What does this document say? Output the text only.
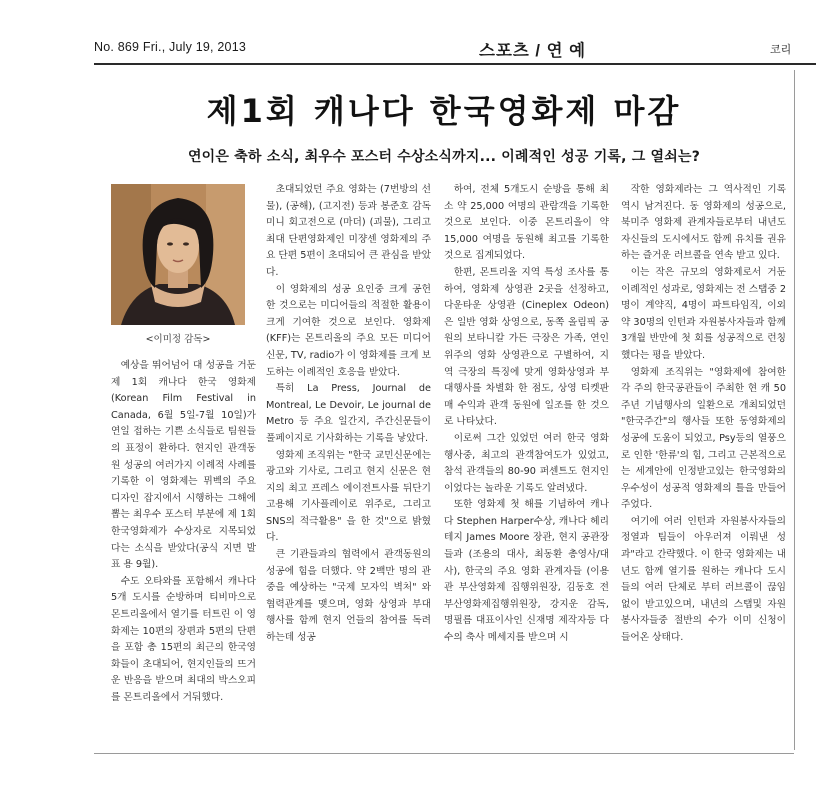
No. 869 Fri., July 19, 2013	스포츠 / 연 예	코리
제1회 캐나다 한국영화제 마감
연이은 축하 소식, 최우수 포스터 수상소식까지... 이례적인 성공 기록, 그 열쇠는?
<이미정 감독>

예상을 뛰어넘어 대 성공을 거둔 제 1회 캐나다 한국 영화제 (Korean Film Festival in Canada, 6월 5일-7월 10일)가 연일 접하는 기쁜 소식들로 팀원들의 표정이 환하다. 현지인 관객동원 성공의 여러가지 이례적 사례를 기록한 이 영화제는 뮈벡의 주요 디자인 잡지에서 시행하는 그해에 뽑는 최우수 포스터 부분에 제 1회 한국영화제가 수상자로 지목되었다는 소식을 받았다(공식 지면 발표 용 9월).

수도 오타와를 포함해서 캐나다 5개 도시를 순방하며 티비마으로 몬트리올에서 열기를 터트린 이 영화제는 10편의 장편과 5편의 단편을 포함 총 15편의 최근의 한국영화들이 초대되어, 현지인들의 뜨거운 반응을 받으며 최대의 박스오피를 몬트리올에서 거둬했다.

초대되었던 주요 영화는 (7번방의 선물), (공해), (고지전) 등과 봉준호 감독 미니 회고전으로 (마더) (괴물), 그리고 최대 단편영화제인 미쟝센 영화제의 주요 단편 5편이 초대되어 큰 관심을 받았다.

이 영화제의 성공 요인중 크게 공헌한 것으로는 미디어들의 적절한 활용이 크게 기여한 것으로 보인다. 영화제 (KFF)는 몬트리올의 주요 모든 미디어 신문, TV, radio가 이 영화제를 크게 보도하는 이례적인 호응을 받았다.

특히 La Press, Journal de Montreal, Le Devoir, Le journal de Metro 등 주요 일간지, 주간신문들이 풀페이지로 기사화하는 기록을 낳았다.

영화제 조직위는 "한국 교민신문에는 광고와 기사로, 그리고 현지 신문은 현지의 최고 프레스 에이전트사를 뒤단기 고용해 기사플레이로 위주로, 그리고 SNS의 적극활용" 을 한 것"으로 밝혔다.

큰 기관들과의 협력에서 관객동원의 성공에 힘을 더했다. 약 2백만 명의 관중을 예상하는 "국제 모자익 벽처" 와 협력관계를 맺으며, 영화 상영과 부대행사를 함께 현지 언들의 참여를 독려하는데 성공

하여, 전체 5개도시 순방을 통해 최소 약 25,000 여명의 관람객을 기록한 것으로 보인다. 이중 몬트리올이 약 15,000 여명을 동원해 최고를 기록한 것으로 집계되었다.

한편, 몬트리올 지역 특성 조사를 통하여, 영화제 상영관 2곳을 선정하고, 다운타운 상영관 (Cineplex Odeon)은 일반 영화 상영으로, 동쪽 올림픽 공원의 보타니칼 가든 극장은 가족, 연인위주의 영화 상영관으로 구별하여, 지역 극장의 특징에 맞게 영화상영과 부대행사를 차별화 한 점도, 상영 티켓판매 수익과 관객 동원에 일조를 한 것으로 나타났다.

이로써 그간 있었던 여러 한국 영화 행사중, 최고의 관객참여도가 있었고, 참석 관객들의 80-90 퍼센트도 현지인이었다는 놀라운 기록도 알려냈다.

또한 영화제 첫 해를 기념하여 캐나다 Stephen Harper수상, 캐나다 헤리테지 James Moore 장관, 현지 공관장들과 (조용의 대사, 최동환 총영사/대사), 한국의 주요 영화 관계자들 (이용관 부산영화제 집행위원장, 김동호 전 부산영화제집행위원장, 강지운 감독, 명필름 대표이사인 신재명 제작자등 다수의 축사 메세지를 받으며 시

작한 영화제라는 그 역사적인 기록 역시 남겨진다. 동 영화제의 성공으로, 북미주 영화제 관계자들로부터 내년도 자신들의 도시에서도 함께 유치를 권유하는 즐거운 러브콜을 연속 받고 있다.

이는 작은 규모의 영화제로서 거둔 이례적인 성과로, 영화제는 전 스탭중 2명이 계약직, 4명이 파트타임직, 이외 약 30명의 인턴과 자원봉사자들과 함께 3개월 반만에 첫 회를 성공적으로 런칭했다는 평을 받았다.

영화제 조직위는 "영화제에 참여한 각 주의 한국공관들이 주최한 현 캐 50주년 기념행사의 일환으로 개최되었던 "한국주간"의 행사들 또한 동영화제의 성공에 도움이 되었고, Psy등의 열풍으로 인한 '한류'의 힘, 그리고 근본적으로는 세계안에 인정받고있는 한국영화의 우수성이 성공적 영화제의 틀을 만들어주었다.

여기에 여러 인턴과 자원봉사자들의 정열과 팀들이 아우러져 이뤄낸 성과"라고 간략했다. 이 한국 영화제는 내년도 함께 열기를 원하는 캐나다 도시들의 여러 단체로 부터 러브콜이 끊임없이 받고있으며, 내년의 스탭및 자원 봉사자들중 절반의 수가 이미 신청이 들어온 상태다.
